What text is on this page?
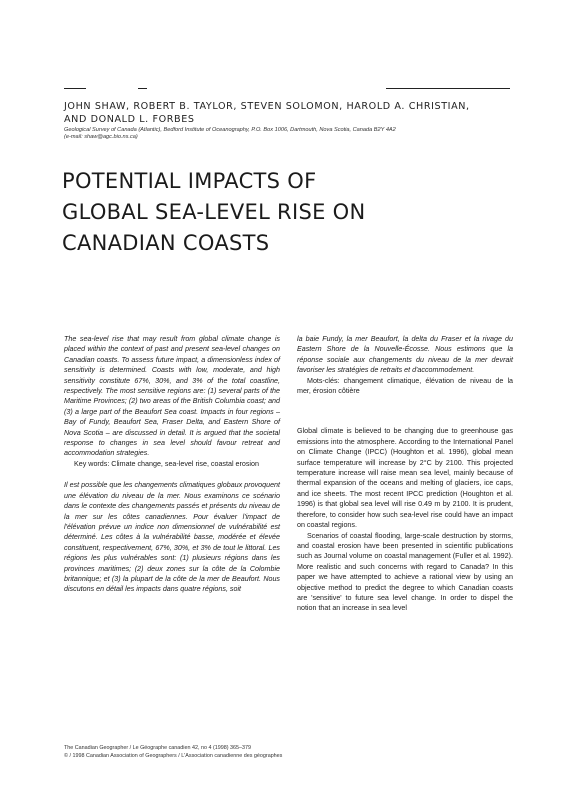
JOHN SHAW, ROBERT B. TAYLOR, STEVEN SOLOMON, HAROLD A. CHRISTIAN,
AND DONALD L. FORBES
Geological Survey of Canada (Atlantic), Bedford Institute of Oceanography, P.O. Box 1006, Dartmouth, Nova Scotia, Canada B2Y 4A2
(e-mail: shaw@agc.bio.ns.ca)
POTENTIAL IMPACTS OF
GLOBAL SEA-LEVEL RISE ON
CANADIAN COASTS

The sea-level rise that may result from global climate change is placed within the context of past and present sea-level changes on Canadian coasts. To assess future impact, a dimensionless index of sensitivity is determined. Coasts with low, moderate, and high sensitivity constitute 67%, 30%, and 3% of the total coastline, respectively. The most sensitive regions are: (1) several parts of the Maritime Provinces; (2) two areas of the British Columbia coast; and (3) a large part of the Beaufort Sea coast. Impacts in four regions – Bay of Fundy, Beaufort Sea, Fraser Delta, and Eastern Shore of Nova Scotia – are discussed in detail. It is argued that the societal response to changes in sea level should favour retreat and accommodation strategies.

Key words: Climate change, sea-level rise, coastal erosion

Il est possible que les changements climatiques globaux provoquent une élévation du niveau de la mer. Nous examinons ce scénario dans le contexte des changements passés et présents du niveau de la mer sur les côtes canadiennes. Pour évaluer l'impact de l'élévation prévue un indice non dimensionnel de vulnérabilité est déterminé. Les côtes à la vulnérabilité basse, modérée et élevée constituent, respectivement, 67%, 30%, et 3% de tout le littoral. Les régions les plus vulnérables sont: (1) plusieurs régions dans les provinces maritimes; (2) deux zones sur la côte de la Colombie britannique; et (3) la plupart de la côte de la mer de Beaufort. Nous discutons en détail les impacts dans quatre régions, soit

la baie Fundy, la mer Beaufort, la delta du Fraser et la rivage du Eastern Shore de la Nouvelle-Écosse. Nous estimons que la réponse sociale aux changements du niveau de la mer devrait favoriser les stratégies de retraits et d'accommodement.

Mots-clés: changement climatique, élévation de niveau de la mer, érosion côtière

Global climate is believed to be changing due to greenhouse gas emissions into the atmosphere. According to the International Panel on Climate Change (IPCC) (Houghton et al. 1996), global mean surface temperature will increase by 2°C by 2100. This projected temperature increase will raise mean sea level, mainly because of thermal expansion of the oceans and melting of glaciers, ice caps, and ice sheets. The most recent IPCC prediction (Houghton et al. 1996) is that global sea level will rise 0.49 m by 2100. It is prudent, therefore, to consider how such sea-level rise could have an impact on coastal regions.

Scenarios of coastal flooding, large-scale destruction by storms, and coastal erosion have been presented in scientific publications such as Journal volume on coastal management (Fuller et al. 1992). More realistic and such concerns with regard to Canada? In this paper we have attempted to achieve a rational view by using an objective method to predict the degree to which Canadian coasts are 'sensitive' to future sea level change. In order to dispel the notion that an increase in sea level

The Canadian Geographer / Le Géographe canadien 42, no 4 (1998) 365–379
© / 1998 Canadian Association of Geographers / L'Association canadienne des géographes
